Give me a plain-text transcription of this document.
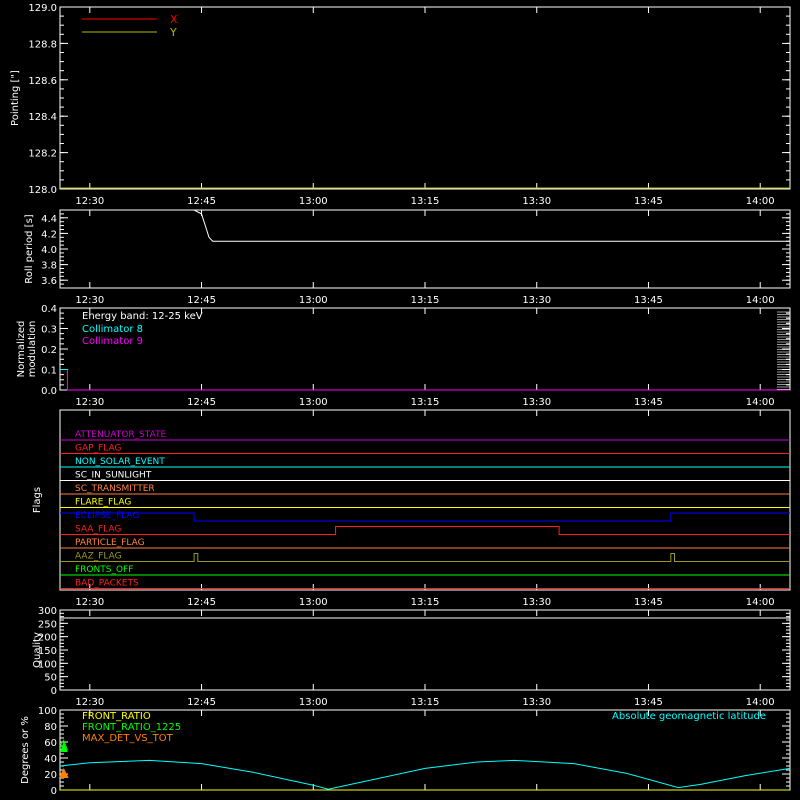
12:30	12:45	13:00	13:15	13:30	13:45	14:00
Pointing ["]
128.0
128.2
128.4
128.6
128.8
129.0
12:30	12:45	13:00	13:15	13:30	13:45	14:00
Roll period [s] 3.6
3.8
4.0
4.2
4.4
12:30	12:45	13:00	13:15	13:30	13:45	14:00
Normalizedmodulation
0.0
0.1
0.2
0.3
0.4
12:30	12:45	13:00	13:15	13:30	13:45	14:00
Flags
12:30	12:45	13:00	13:15	13:30	13:45	14:00
Quality
0
50
100
150
200
250
300
Degrees or %
0
20
40
60
80
100
X
Y
Energy band: 12-25 keV
Collimator 8
Collimator 9
ATTENUATOR_STATE
GAP_FLAG
NON_SOLAR_EVENT
SC_IN_SUNLIGHT
SC_TRANSMITTER
FLARE_FLAG
ECLIPSE_FLAG
SAA_FLAG
PARTICLE_FLAG
AAZ_FLAG
FRONTS_OFF
BAD_PACKETS
FRONT_RATIO
FRONT_RATIO_1225
MAX_DET_VS_TOT
Absolute geomagnetic latitude
